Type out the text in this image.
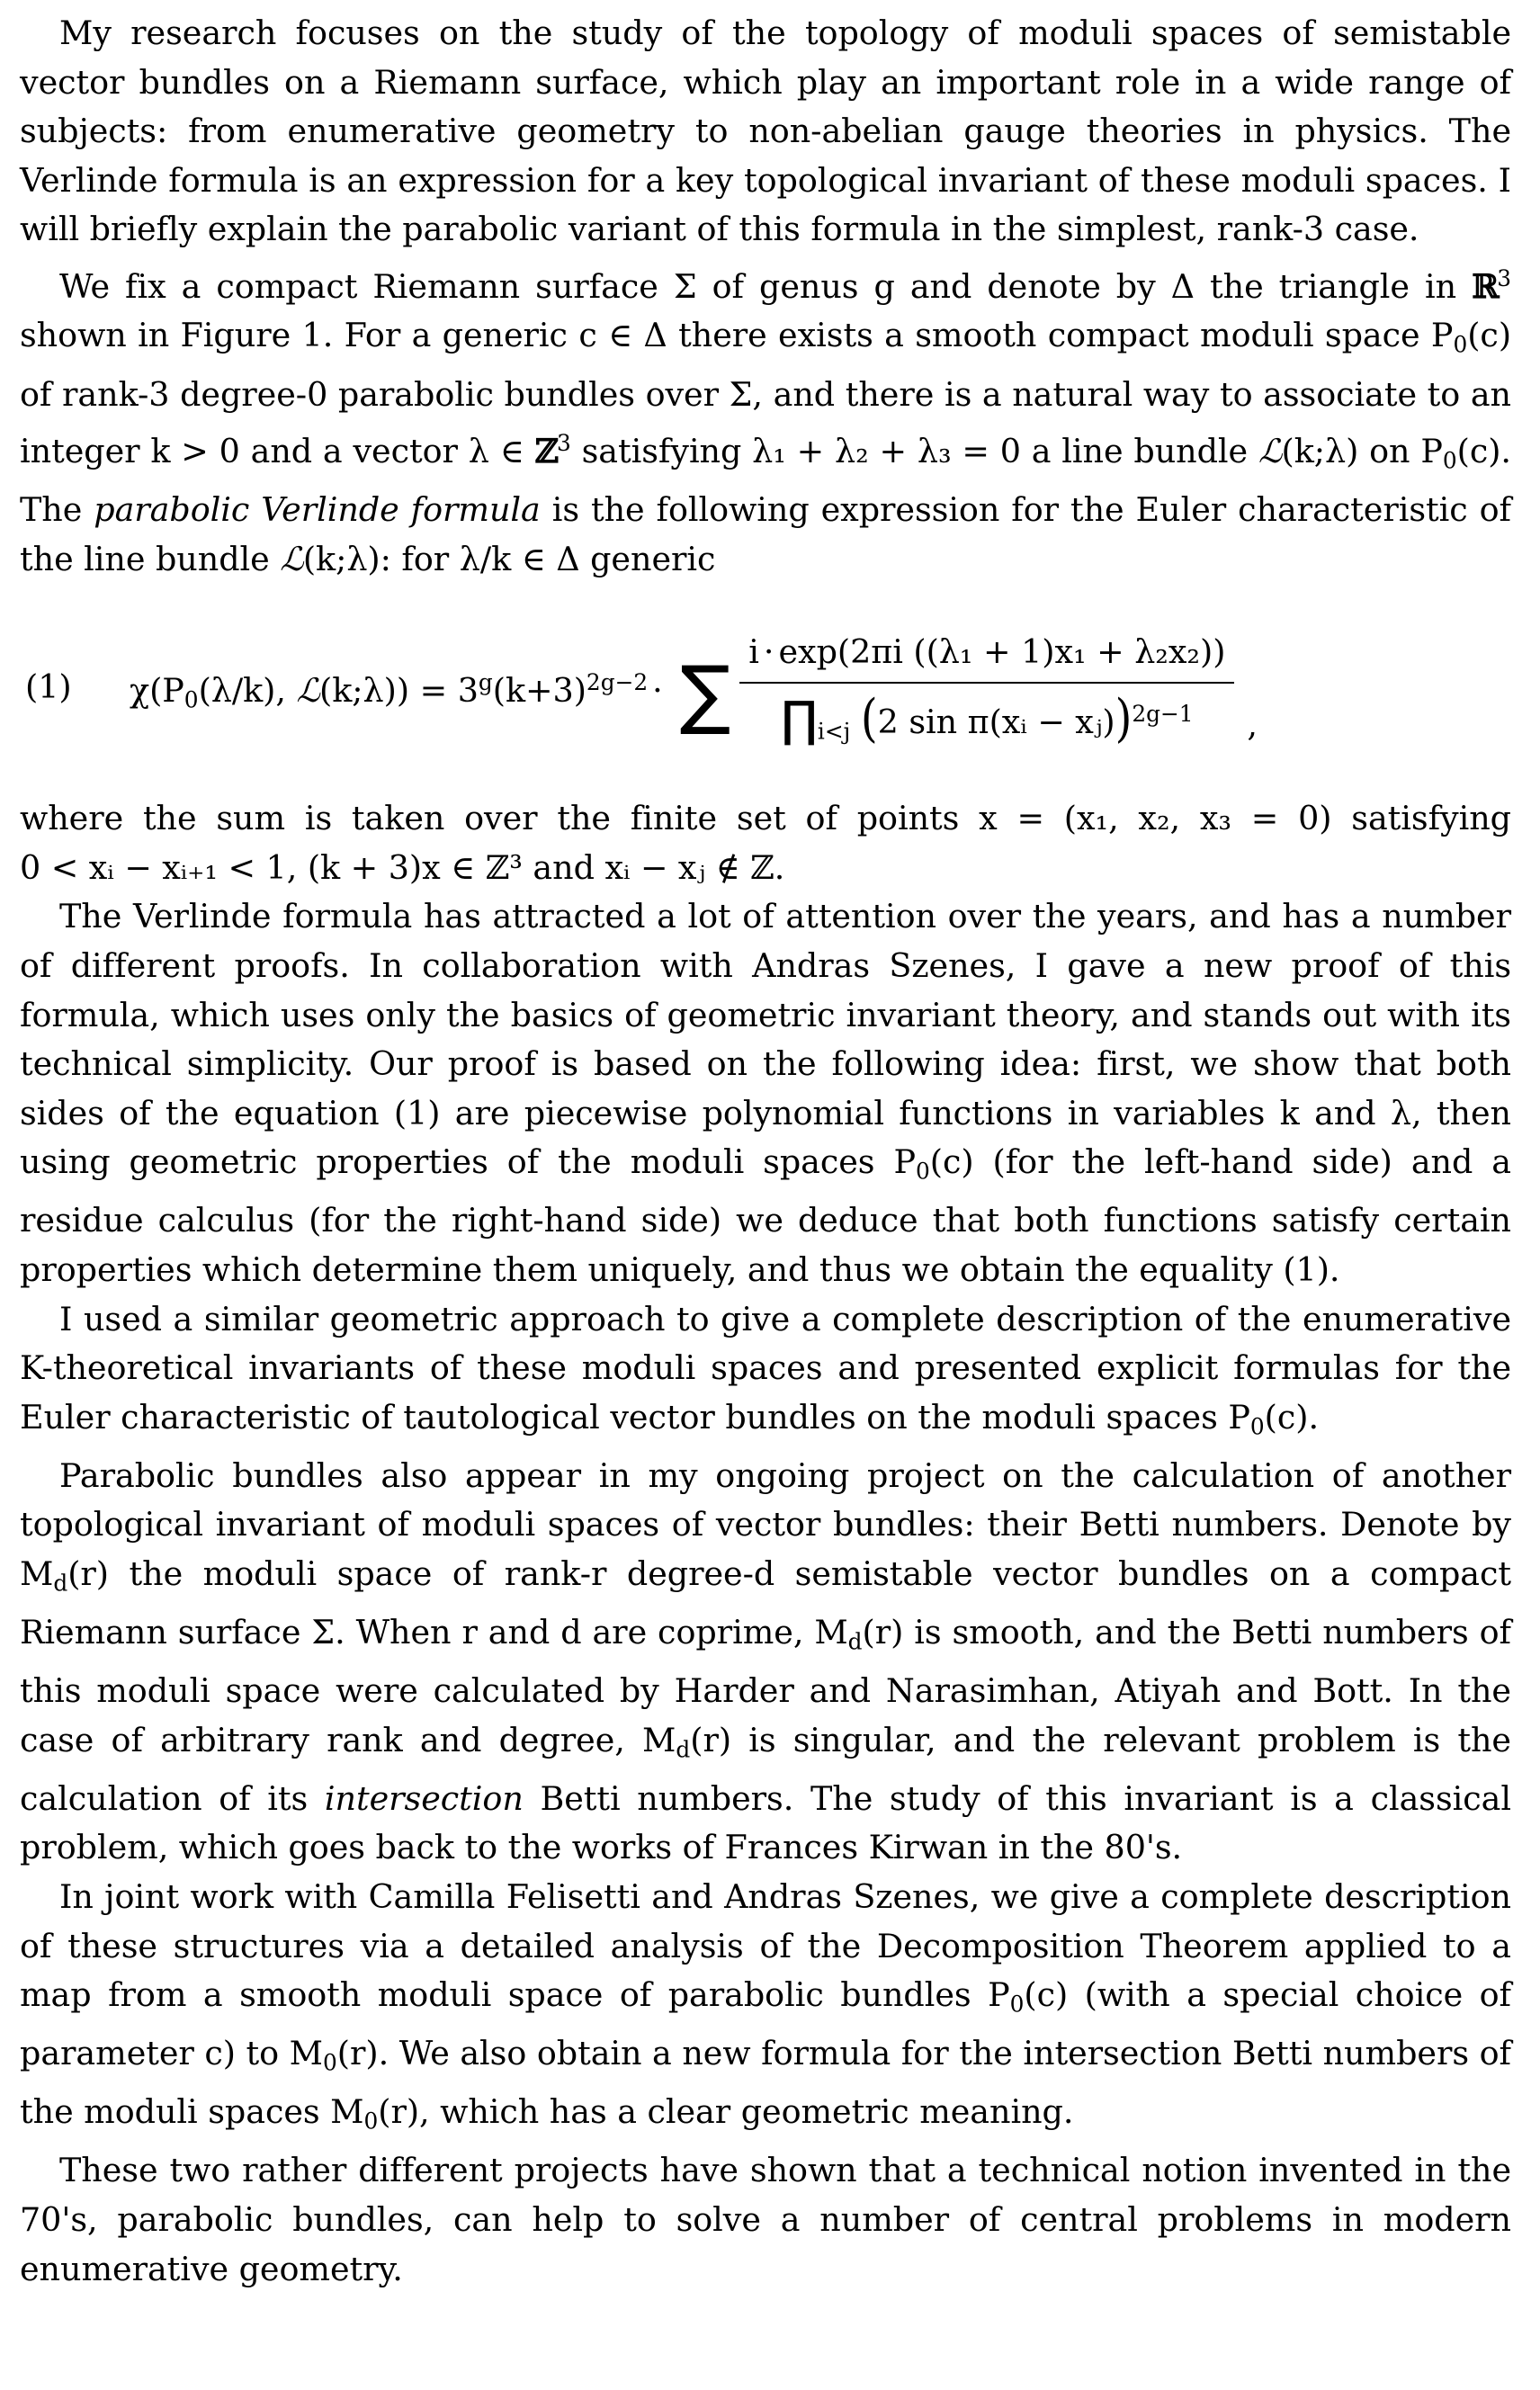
My research focuses on the study of the topology of moduli spaces of semistable vector bundles on a Riemann surface, which play an important role in a wide range of subjects: from enumerative geometry to non-abelian gauge theories in physics. The Verlinde formula is an expression for a key topological invariant of these moduli spaces. I will briefly explain the parabolic variant of this formula in the simplest, rank-3 case.

We fix a compact Riemann surface Σ of genus g and denote by Δ the triangle in ℝ$^3$ shown in Figure 1. For a generic c ∈ Δ there exists a smooth compact moduli space $P_0(c)$ of rank-3 degree-0 parabolic bundles over Σ, and there is a natural way to associate to an integer k > 0 and a vector λ ∈ ℤ$^3$ satisfying λ₁ + λ₂ + λ₃ = 0 a line bundle ℒ(k;λ) on $P_0(c)$. The parabolic Verlinde formula is the following expression for the Euler characteristic of the line bundle ℒ(k;λ): for λ/k ∈ Δ generic

(1) $\chi(P_0(\lambda/k)$, ℒ(k;λ)) = $3^g(k+3)^{2g-2}$ · ∑ $\frac{\text{i · exp(2πi ((λ₁ + 1)x₁ + λ₂x₂))}}{\prod_{i<j} (2 \sin \pi(xᵢ - xⱼ))^{2g-1}}$ ,

where the sum is taken over the finite set of points x = (x₁, x₂, x₃ = 0) satisfying 0 < xᵢ − xᵢ₊₁ < 1, (k + 3)x ∈ ℤ³ and xᵢ − xⱼ ∉ ℤ.

The Verlinde formula has attracted a lot of attention over the years, and has a number of different proofs. In collaboration with Andras Szenes, I gave a new proof of this formula, which uses only the basics of geometric invariant theory, and stands out with its technical simplicity. Our proof is based on the following idea: first, we show that both sides of the equation (1) are piecewise polynomial functions in variables k and λ, then using geometric properties of the moduli spaces $P_0(c)$ (for the left-hand side) and a residue calculus (for the right-hand side) we deduce that both functions satisfy certain properties which determine them uniquely, and thus we obtain the equality (1).

I used a similar geometric approach to give a complete description of the enumerative K-theoretical invariants of these moduli spaces and presented explicit formulas for the Euler characteristic of tautological vector bundles on the moduli spaces $P_0(c)$.

Parabolic bundles also appear in my ongoing project on the calculation of another topological invariant of moduli spaces of vector bundles: their Betti numbers. Denote by $M_d(r)$ the moduli space of rank-r degree-d semistable vector bundles on a compact Riemann surface Σ. When r and d are coprime, $M_d(r)$ is smooth, and the Betti numbers of this moduli space were calculated by Harder and Narasimhan, Atiyah and Bott. In the case of arbitrary rank and degree, $M_d(r)$ is singular, and the relevant problem is the calculation of its intersection Betti numbers. The study of this invariant is a classical problem, which goes back to the works of Frances Kirwan in the 80's.

In joint work with Camilla Felisetti and Andras Szenes, we give a complete description of these structures via a detailed analysis of the Decomposition Theorem applied to a map from a smooth moduli space of parabolic bundles $P_0(c)$ (with a special choice of parameter c) to $M_0(r)$. We also obtain a new formula for the intersection Betti numbers of the moduli spaces $M_0(r)$, which has a clear geometric meaning.

These two rather different projects have shown that a technical notion invented in the 70's, parabolic bundles, can help to solve a number of central problems in modern enumerative geometry.
